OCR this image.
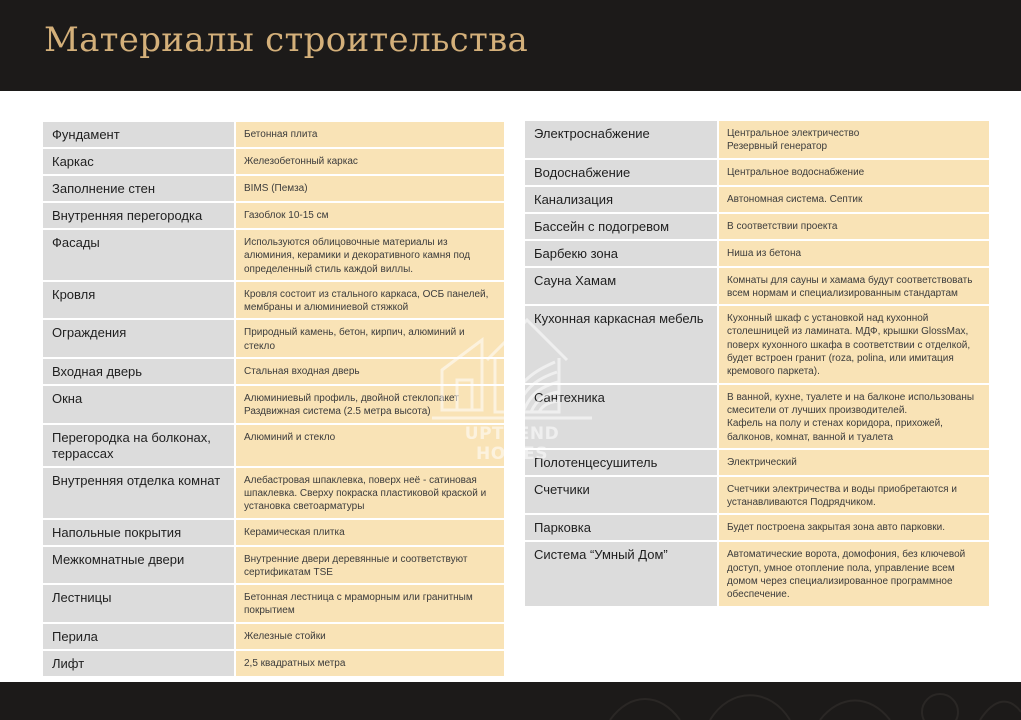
Материалы строительства
Фундамент	Бетонная плита

Каркас	Железобетонный каркас

Заполнение стен	BIMS (Пемза)

Внутренняя перегородка	Газоблок 10-15 см

Фасады	Используются облицовочные материалы из алюминия, керамики и декоративного камня под определенный стиль каждой виллы.

Кровля	Кровля состоит из стального каркаса, ОСБ панелей, мембраны и алюминиевой стяжкой

Ограждения	Природный камень, бетон, кирпич, алюминий и стекло

Входная дверь	Стальная входная дверь

Окна	Алюминиевый профиль, двойной стеклопакет
Раздвижная система (2.5 метра высота)

Перегородка на болконах, террассах	Алюминий и стекло

Внутренняя отделка комнат	Алебастровая шпаклевка, поверх неё - сатиновая шпаклевка. Сверху покраска пластиковой краской и установка светоарматуры

Напольные покрытия	Керамическая плитка

Межкомнатные двери	Внутренние двери деревянные и соответствуют сертификатам TSE

Лестницы	Бетонная лестница с мраморным или гранитным покрытием

Перила	Железные стойки

Лифт	2,5 квадратных метра
Электроснабжение	Центральное электричество
Резервный генератор

Водоснабжение	Центральное водоснабжение

Канализация	Автономная система. Септик

Бассейн с подогревом	В соответствии проекта

Барбекю зона	Ниша из бетона

Сауна Хамам	Комнаты для сауны и хамама будут соответствовать всем нормам и специализированным стандартам

Кухонная каркасная мебель	Кухонный шкаф с установкой над кухонной столешницей из ламината. МДФ, крышки GlossMax, поверх кухонного шкафа в соответствии с отделкой, будет встроен гранит (roza, polina, или имитация кремового паркета).

Сантехника	В ванной, кухне, туалете и на балконе использованы смесители от лучших производителей.
Кафель на полу и стенах коридора, прихожей, балконов, комнат, ванной и туалета

Полотенцесушитель	Электрический

Счетчики	Счетчики электричества и воды приобретаются и устанавливаются Подрядчиком.

Парковка	Будет построена закрытая зона авто парковки.

Система “Умный Дом”	Автоматические ворота, домофония, без ключевой доступ, умное отопление пола, управление всем домом через специализированное программное обеспечение.
UPTREND HOMES
